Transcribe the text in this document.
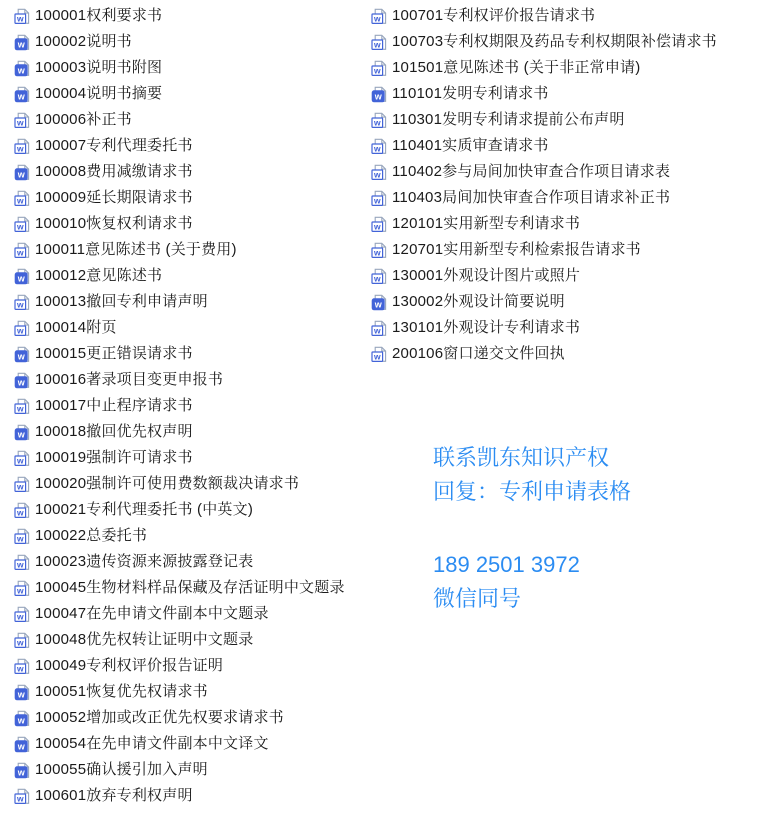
w 100001权利要求书
w 100002说明书
w 100003说明书附图
w 100004说明书摘要
w 100006补正书
w 100007专利代理委托书
w 100008费用减缴请求书
w 100009延长期限请求书
w 100010恢复权利请求书
w 100011意见陈述书 (关于费用)
w 100012意见陈述书
w 100013撤回专利申请声明
w 100014附页
w 100015更正错误请求书
w 100016著录项目变更申报书
w 100017中止程序请求书
w 100018撤回优先权声明
w 100019强制许可请求书
w 100020强制许可使用费数额裁决请求书
w 100021专利代理委托书 (中英文)
w 100022总委托书
w 100023遗传资源来源披露登记表
w 100045生物材料样品保藏及存活证明中文题录
w 100047在先申请文件副本中文题录
w 100048优先权转让证明中文题录
w 100049专利权评价报告证明
w 100051恢复优先权请求书
w 100052增加或改正优先权要求请求书
w 100054在先申请文件副本中文译文
w 100055确认援引加入声明
w 100601放弃专利权声明
w 100701专利权评价报告请求书
w 100703专利权期限及药品专利权期限补偿请求书
w 101501意见陈述书 (关于非正常申请)
w 110101发明专利请求书
w 110301发明专利请求提前公布声明
w 110401实质审查请求书
w 110402参与局间加快审查合作项目请求表
w 110403局间加快审查合作项目请求补正书
w 120101实用新型专利请求书
w 120701实用新型专利检索报告请求书
w 130001外观设计图片或照片
w 130002外观设计简要说明
w 130101外观设计专利请求书
w 200106窗口递交文件回执
联系凯东知识产权
回复：专利申请表格
189 2501 3972
微信同号
